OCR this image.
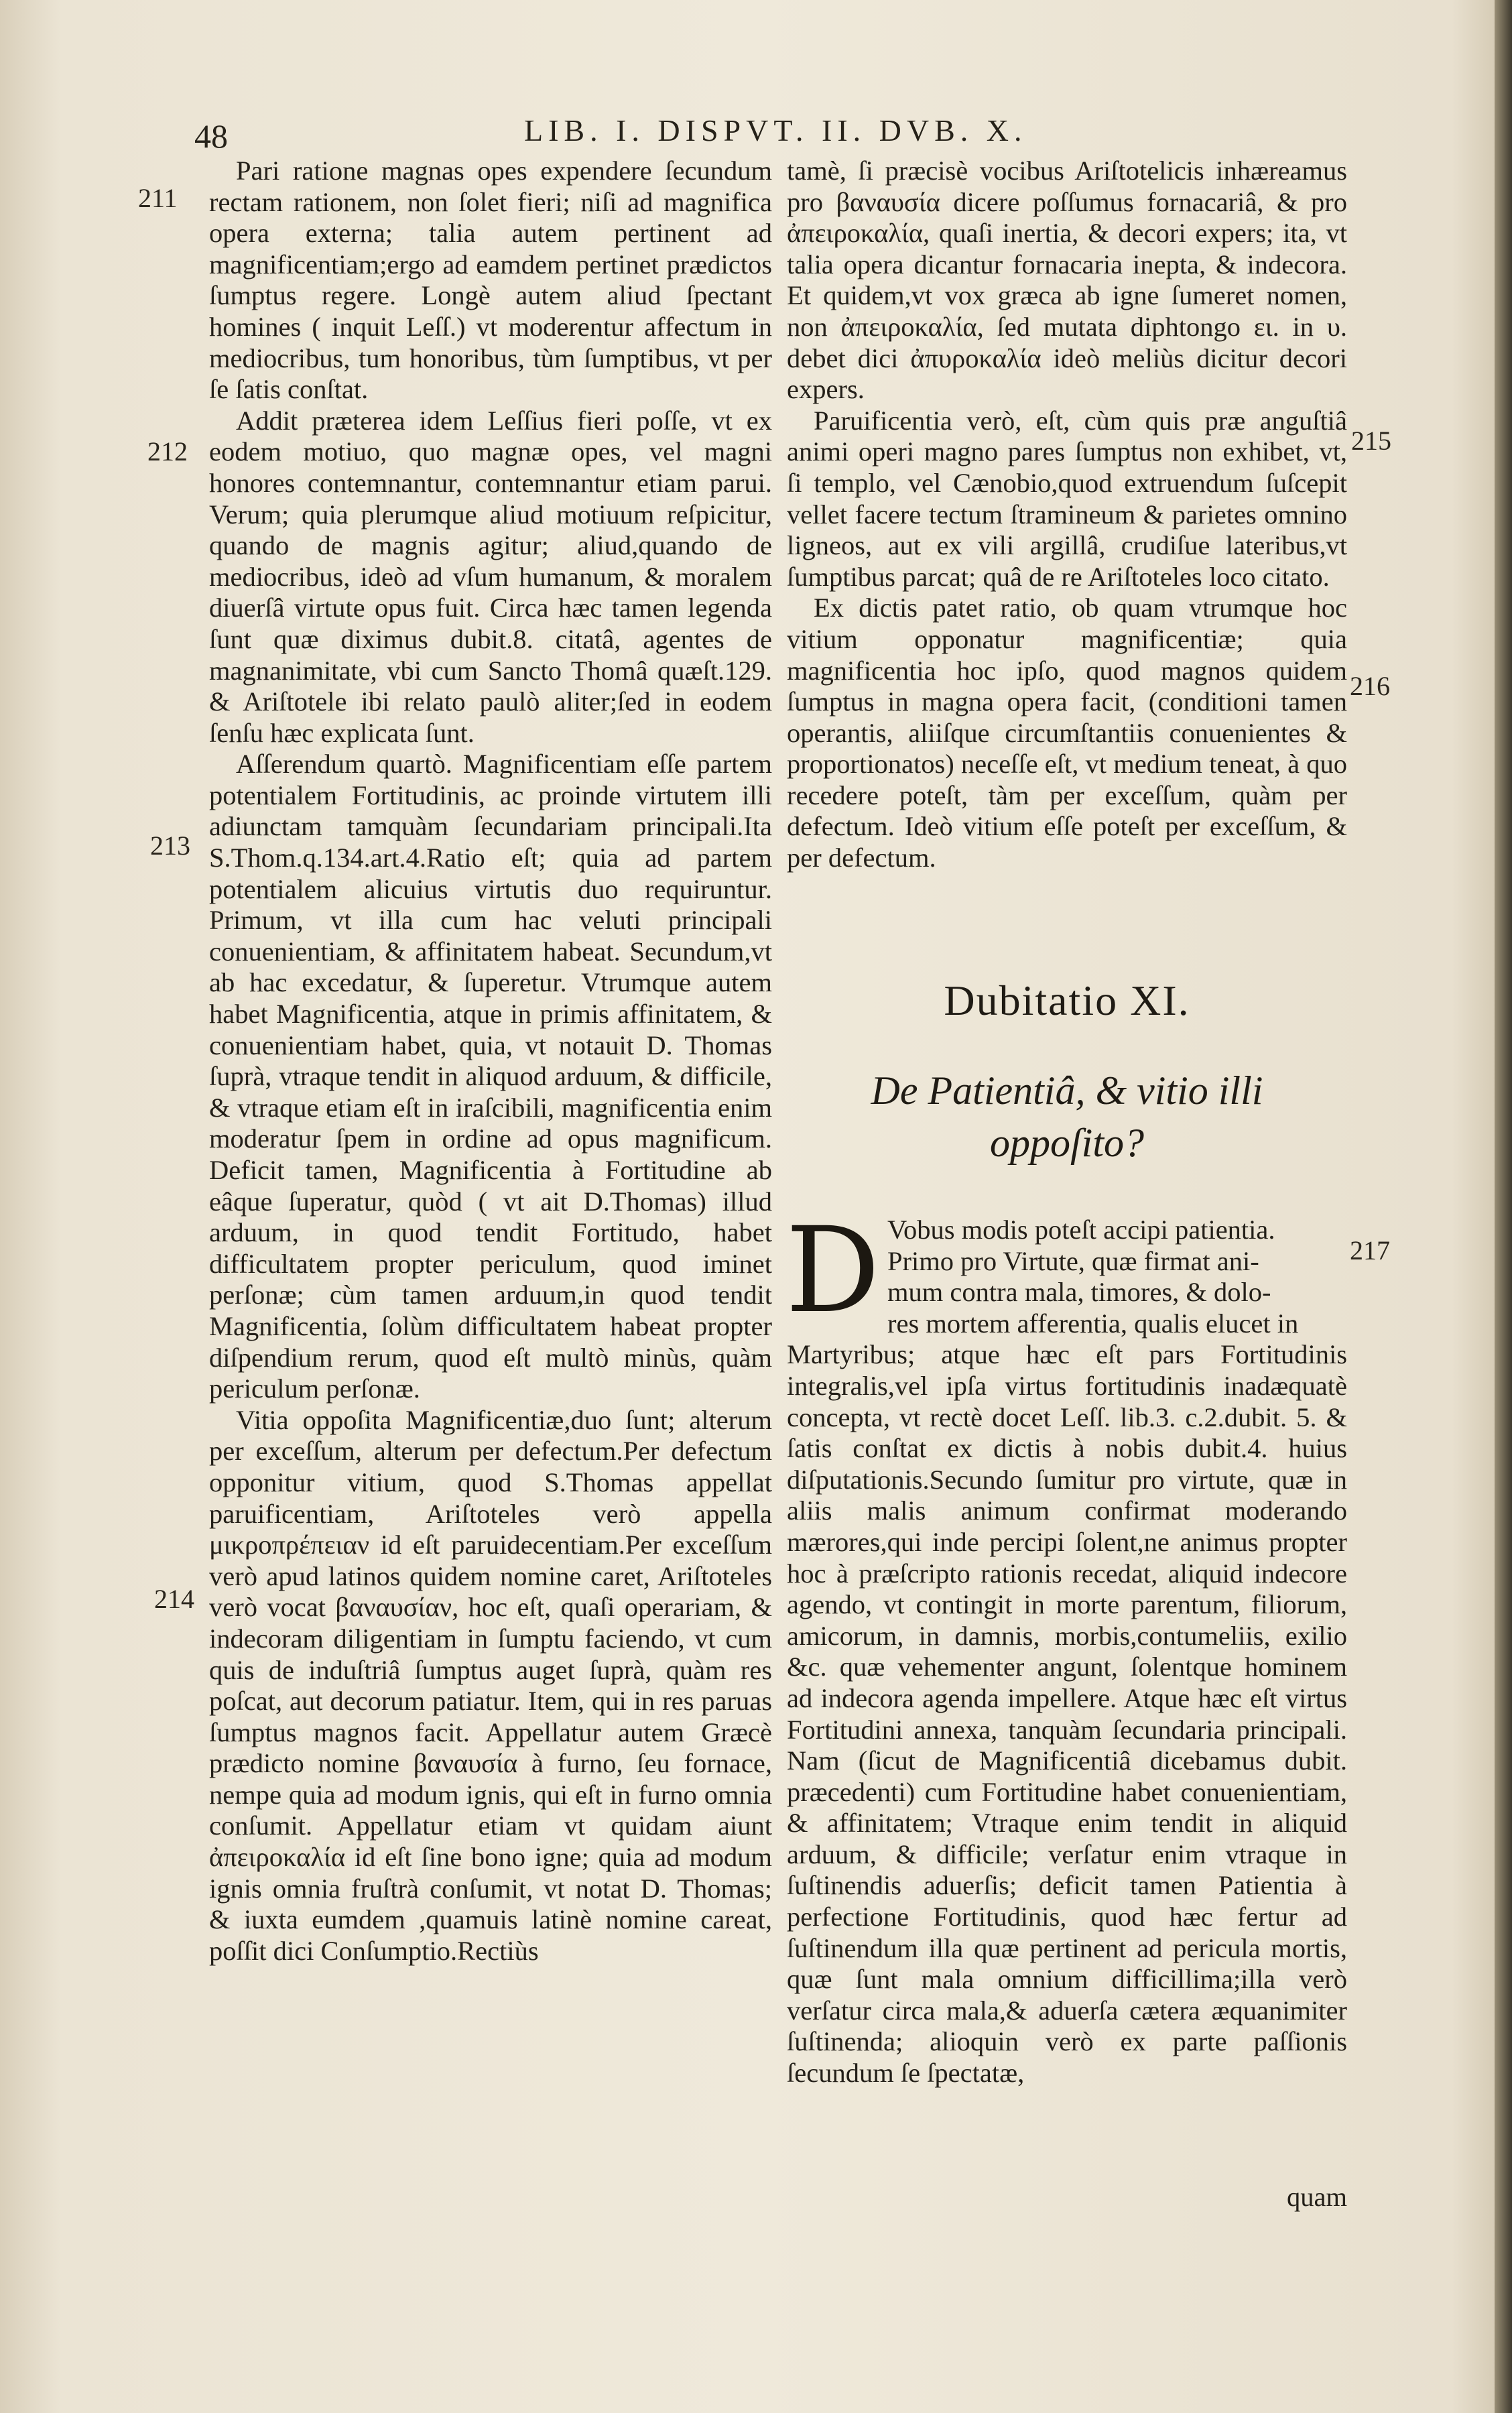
48	LIB. I. DISPVT. II. DVB. X.
211
212
213
214
215
216
217

Pari ratione magnas opes expendere ſecundum rectam rationem, non ſolet fieri; niſi ad magnifica opera externa; talia autem pertinent ad magnificentiam;ergo ad eamdem pertinet prædictos ſumptus regere. Longè autem aliud ſpectant homines ( inquit Leſſ.) vt moderentur affectum in mediocribus, tum honoribus, tùm ſumptibus, vt per ſe ſatis conſtat.

Addit præterea idem Leſſius fieri poſſe, vt ex eodem motiuo, quo magnæ opes, vel magni honores contemnantur, contemnantur etiam parui. Verum; quia plerumque aliud motiuum reſpicitur, quando de magnis agitur; aliud,quando de mediocribus, ideò ad vſum humanum, & moralem diuerſâ virtute opus fuit. Circa hæc tamen legenda ſunt quæ diximus dubit.8. citatâ, agentes de magnanimitate, vbi cum Sancto Thomâ quæſt.129. & Ariſtotele ibi relato paulò aliter;ſed in eodem ſenſu hæc explicata ſunt.

Aſſerendum quartò. Magnificentiam eſſe partem potentialem Fortitudinis, ac proinde virtutem illi adiunctam tamquàm ſecundariam principali.Ita S.Thom.q.134.art.4.Ratio eſt; quia ad partem potentialem alicuius virtutis duo requiruntur. Primum, vt illa cum hac veluti principali conuenientiam, & affinitatem habeat. Secundum,vt ab hac excedatur, & ſuperetur. Vtrumque autem habet Magnificentia, atque in primis affinitatem, & conuenientiam habet, quia, vt notauit D. Thomas ſuprà, vtraque tendit in aliquod arduum, & difficile, & vtraque etiam eſt in iraſcibili, magnificentia enim moderatur ſpem in ordine ad opus magnificum. Deficit tamen, Magnificentia à Fortitudine ab eâque ſuperatur, quòd ( vt ait D.Thomas) illud arduum, in quod tendit Fortitudo, habet difficultatem propter periculum, quod iminet perſonæ; cùm tamen arduum,in quod tendit Magnificentia, ſolùm difficultatem habeat propter diſpendium rerum, quod eſt multò minùs, quàm periculum perſonæ.

Vitia oppoſita Magnificentiæ,duo ſunt; alterum per exceſſum, alterum per defectum.Per defectum opponitur vitium, quod S.Thomas appellat paruificentiam, Ariſtoteles verò appella μικροπρέπειαν id eſt paruidecentiam.Per exceſſum verò apud latinos quidem nomine caret, Ariſtoteles verò vocat βαναυσίαν, hoc eſt, quaſi operariam, & indecoram diligentiam in ſumptu faciendo, vt cum quis de induſtriâ ſumptus auget ſuprà, quàm res poſcat, aut decorum patiatur. Item, qui in res paruas ſumptus magnos facit. Appellatur autem Græcè prædicto nomine βαναυσία à furno, ſeu fornace, nempe quia ad modum ignis, qui eſt in furno omnia conſumit. Appellatur etiam vt quidam aiunt ἀπειροκαλία id eſt ſine bono igne; quia ad modum ignis omnia fruſtrà conſumit, vt notat D. Thomas; & iuxta eumdem ,quamuis latinè nomine careat, poſſit dici Conſumptio.Rectiùs

tamè, ſi præcisè vocibus Ariſtotelicis inhæreamus pro βαναυσία dicere poſſumus fornacariâ, & pro ἀπειροκαλία, quaſi inertia, & decori expers; ita, vt talia opera dicantur fornacaria inepta, & indecora. Et quidem,vt vox græca ab igne ſumeret nomen, non ἀπειροκαλία, ſed mutata diphtongo ει. in υ. debet dici ἀπυροκαλία ideò meliùs dicitur decori expers.

Paruificentia verò, eſt, cùm quis præ anguſtiâ animi operi magno pares ſumptus non exhibet, vt, ſi templo, vel Cænobio,quod extruendum ſuſcepit vellet facere tectum ſtramineum & parietes omnino ligneos, aut ex vili argillâ, crudiſue lateribus,vt ſumptibus parcat; quâ de re Ariſtoteles loco citato.

Ex dictis patet ratio, ob quam vtrumque hoc vitium opponatur magnificentiæ; quia magnificentia hoc ipſo, quod magnos quidem ſumptus in magna opera facit, (conditioni tamen operantis, aliiſque circumſtantiis conuenientes & proportionatos) neceſſe eſt, vt medium teneat, à quo recedere poteſt, tàm per exceſſum, quàm per defectum. Ideò vitium eſſe poteſt per exceſſum, & per defectum.

Dubitatio XI.
De Patientiâ, & vitio illi
oppoſito?
D Vobus modis poteſt accipi patientia.
Primo pro Virtute, quæ firmat ani-
mum contra mala, timores, & dolo-
res mortem afferentia, qualis elucet in
Martyribus; atque hæc eſt pars Fortitudinis integralis,vel ipſa virtus fortitudinis inadæquatè concepta, vt rectè docet Leſſ. lib.3. c.2.dubit. 5. & ſatis conſtat ex dictis à nobis dubit.4. huius diſputationis.Secundo ſumitur pro virtute, quæ in aliis malis animum confirmat moderando mærores,qui inde percipi ſolent,ne animus propter hoc à præſcripto rationis recedat, aliquid indecore agendo, vt contingit in morte parentum, filiorum, amicorum, in damnis, morbis,contumeliis, exilio &c. quæ vehementer angunt, ſolentque hominem ad indecora agenda impellere. Atque hæc eſt virtus Fortitudini annexa, tanquàm ſecundaria principali. Nam (ſicut de Magnificentiâ dicebamus dubit. præcedenti) cum Fortitudine habet conuenientiam, & affinitatem; Vtraque enim tendit in aliquid arduum, & difficile; verſatur enim vtraque in ſuſtinendis aduerſis; deficit tamen Patientia à perfectione Fortitudinis, quod hæc fertur ad ſuſtinendum illa quæ pertinent ad pericula mortis, quæ ſunt mala omnium difficillima;illa verò verſatur circa mala,& aduerſa cætera æquanimiter ſuſtinenda; alioquin verò ex parte paſſionis ſecundum ſe ſpectatæ,
quam
